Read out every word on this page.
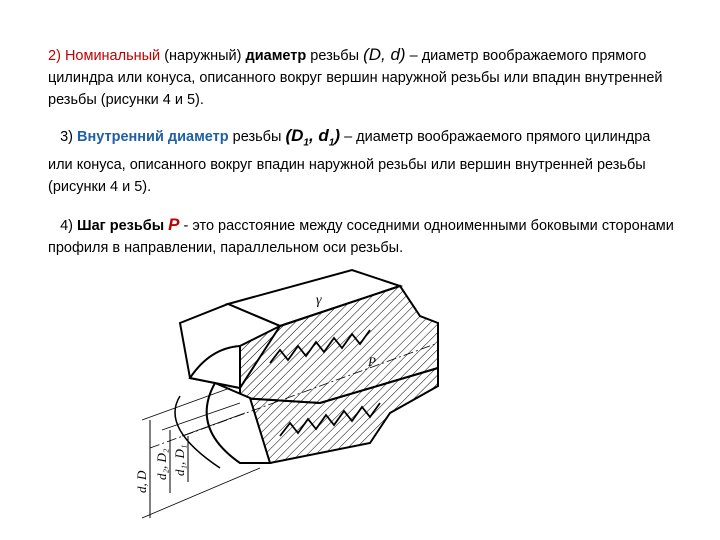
2) Номинальный (наружный) диаметр резьбы (D, d) – диаметр воображаемого прямого цилиндра или конуса, описанного вокруг вершин наружной резьбы или впадин внутренней резьбы (рисунки 4 и 5).
3) Внутренний диаметр резьбы ($D_1$, $d_1$) – диаметр воображаемого прямого цилиндра или конуса, описанного вокруг впадин наружной резьбы или вершин внутренней резьбы (рисунки 4 и 5).
4) Шаг резьбы P - это расстояние между соседними одноименными боковыми сторонами профиля в направлении, параллельном оси резьбы.
d, D
d₂, D₂ d₁, D₁
P
γ
